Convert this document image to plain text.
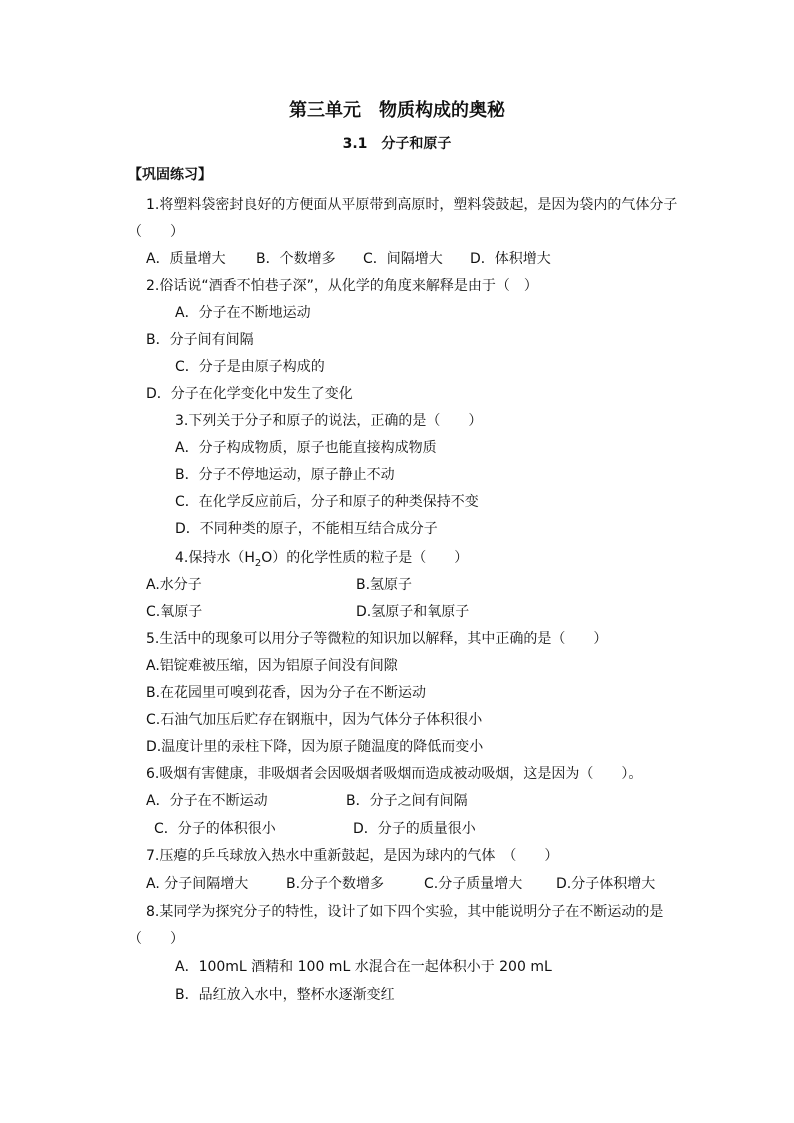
第三单元　物质构成的奥秘
3.1　分子和原子
【巩固练习】
1.将塑料袋密封良好的方便面从平原带到高原时，塑料袋鼓起，是因为袋内的气体分子
（　　）
A．质量增大 B．个数增多 C．间隔增大 D．体积增大
2.俗话说“酒香不怕巷子深”，从化学的角度来解释是由于（　）
A．分子在不断地运动
B．分子间有间隔
C．分子是由原子构成的
D．分子在化学变化中发生了变化
3.下列关于分子和原子的说法，正确的是（　　）
A．分子构成物质，原子也能直接构成物质
B．分子不停地运动，原子静止不动
C．在化学反应前后，分子和原子的种类保持不变
D．不同种类的原子，不能相互结合成分子
4.保持水$(H_2O)$的化学性质的粒子是（　　）
A.水分子	B.氢原子
C.氧原子	D.氢原子和氧原子
5.生活中的现象可以用分子等微粒的知识加以解释，其中正确的是（　　）
A.铝锭难被压缩，因为铝原子间没有间隙
B.在花园里可嗅到花香，因为分子在不断运动
C.石油气加压后贮存在钢瓶中，因为气体分子体积很小
D.温度计里的汞柱下降，因为原子随温度的降低而变小
6.吸烟有害健康，非吸烟者会因吸烟者吸烟而造成被动吸烟，这是因为（　　）。
A．分子在不断运动	B．分子之间有间隔
C．分子的体积很小	D．分子的质量很小
7.压瘪的乒乓球放入热水中重新鼓起，是因为球内的气体　（　　）
A. 分子间隔增大	B.分子个数增多	C.分子质量增大 D.分子体积增大
8.某同学为探究分子的特性，设计了如下四个实验，其中能说明分子在不断运动的是
（　　）
A．100mL 酒精和 100 mL 水混合在一起体积小于 200 mL
B．品红放入水中，整杯水逐渐变红
